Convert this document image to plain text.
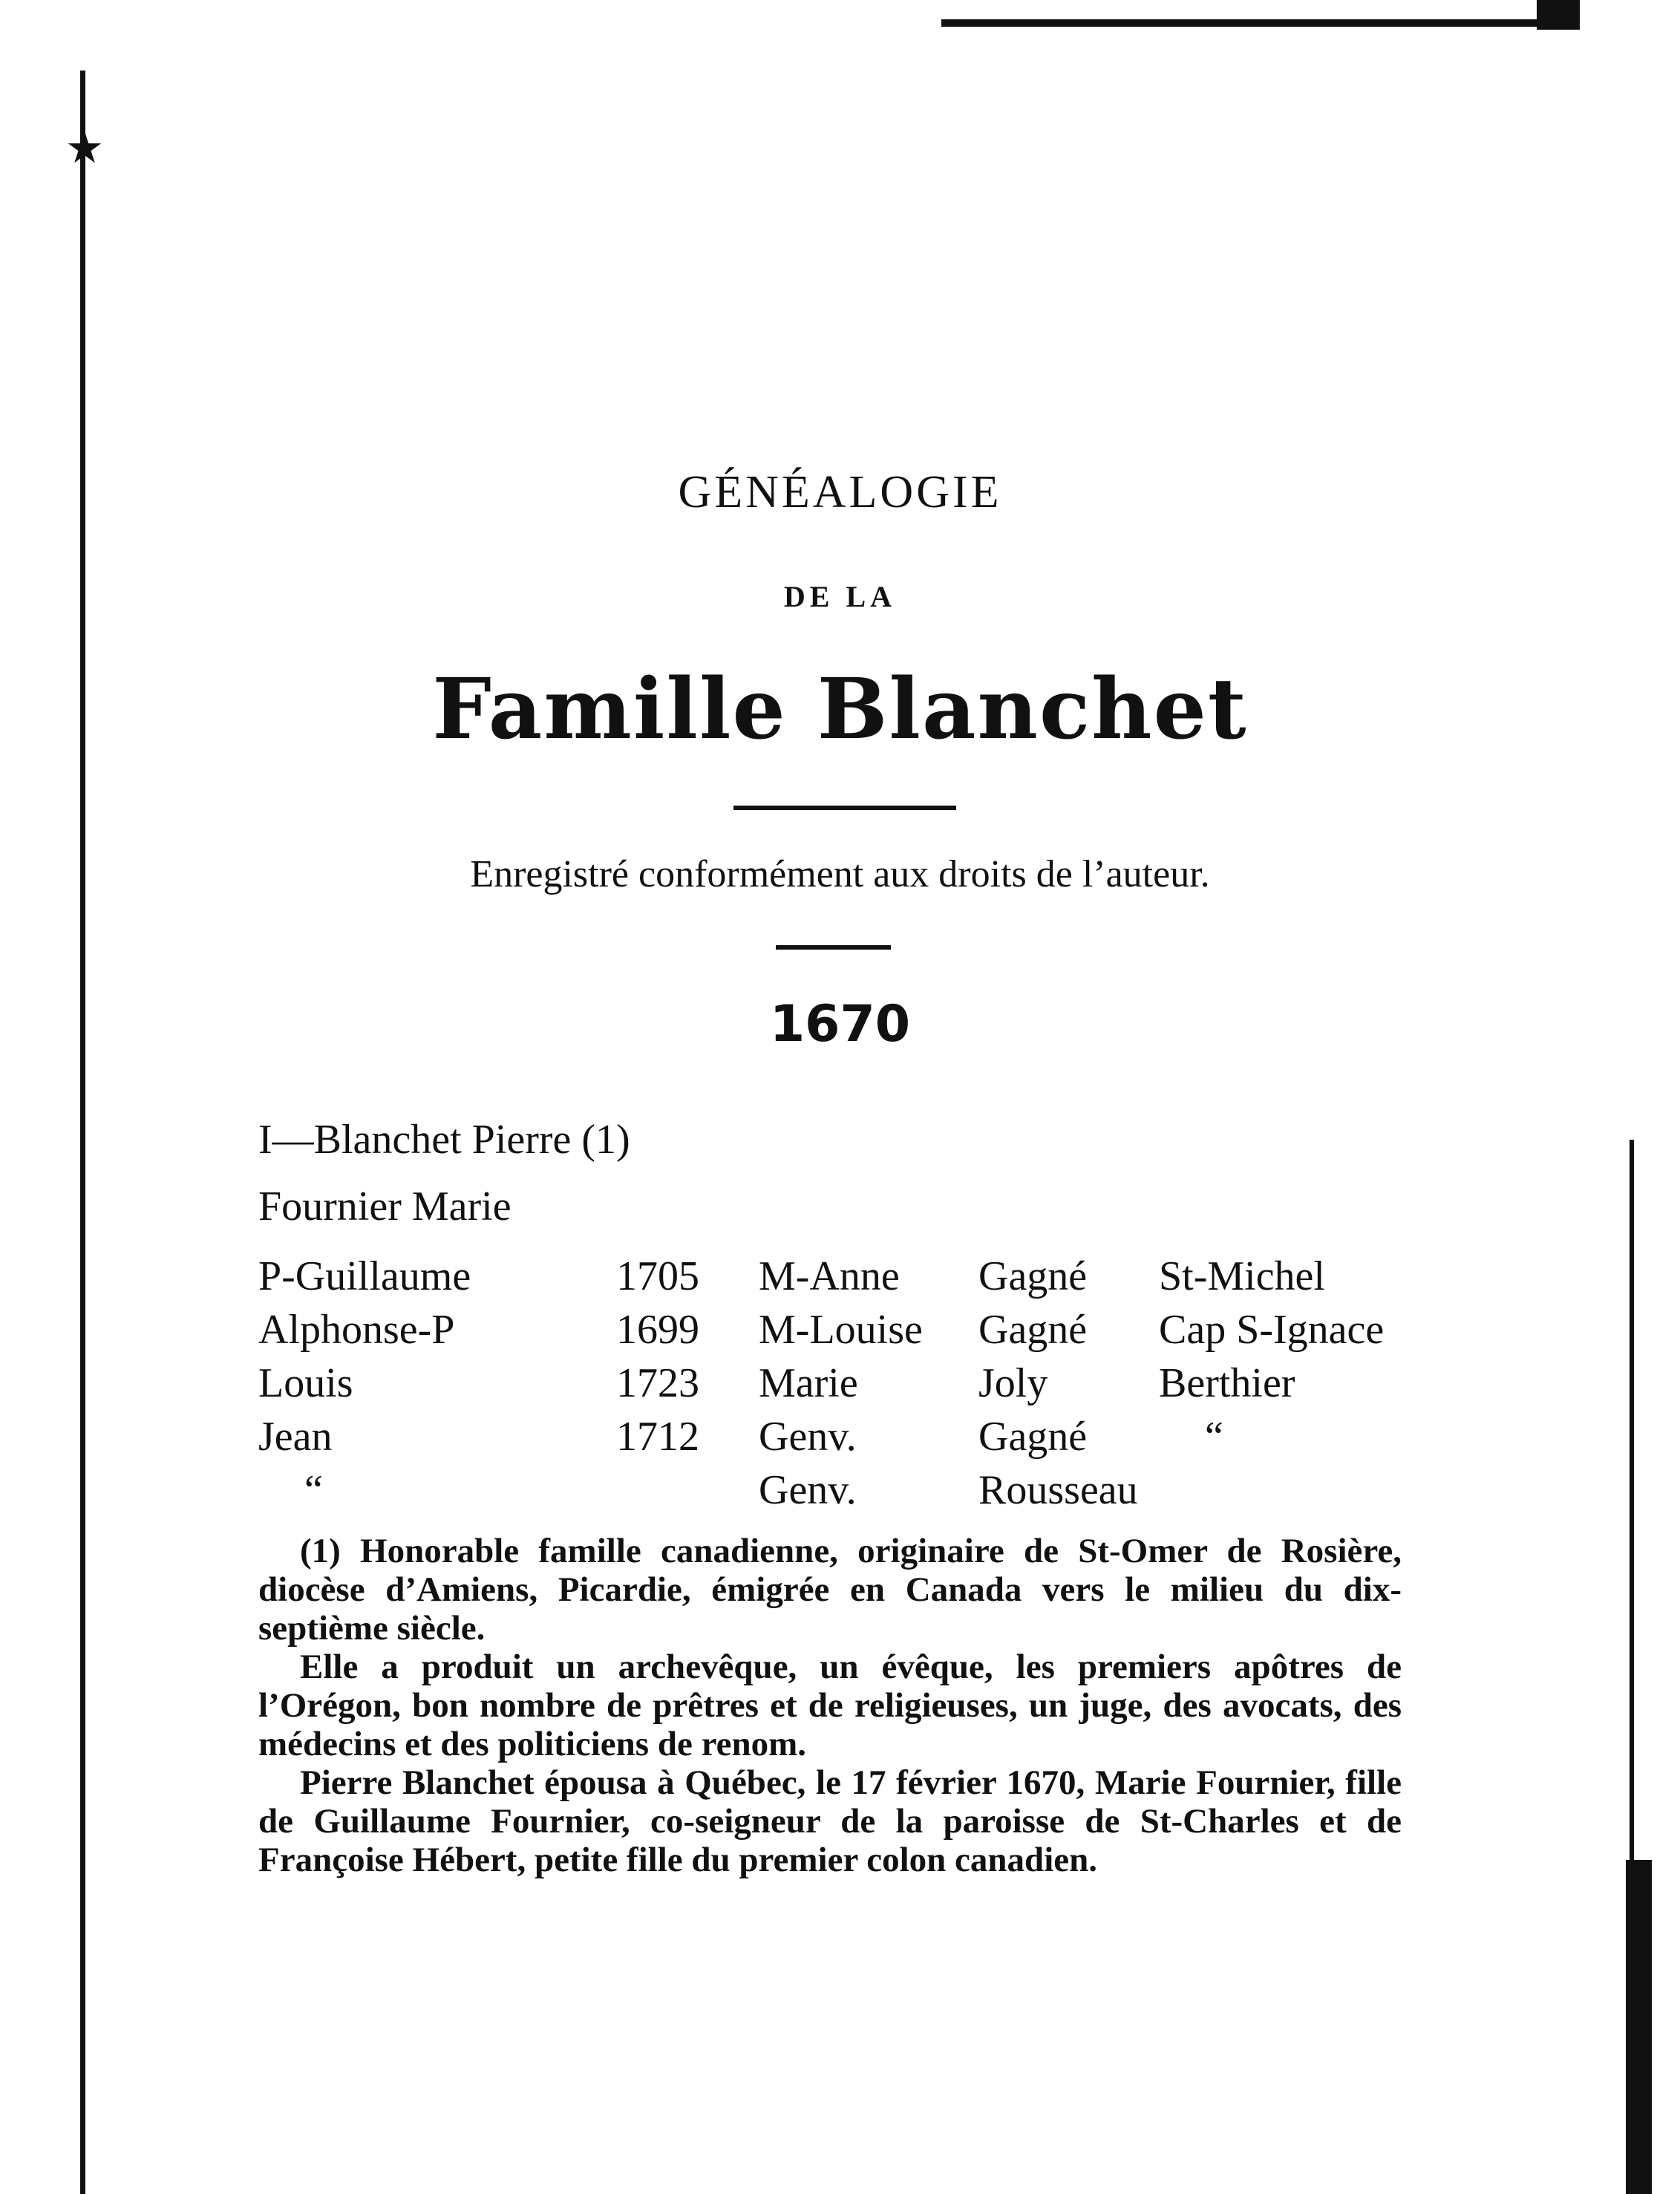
★
GÉNÉALOGIE
DE LA
Famille Blanchet
Enregistré conformément aux droits de l’auteur.
1670
I—Blanchet Pierre (1)
Fournier Marie
P-Guillaume	1705	M-Anne	Gagné	St-Michel
Alphonse-P	1699	M-Louise	Gagné	Cap S-Ignace
Louis	1723	Marie	Joly	Berthier
Jean	1712	Genv.	Gagné	“
“		Genv.	Rousseau	

(1) Honorable famille canadienne, originaire de St-Omer de Rosière, diocèse d’Amiens, Picardie, émigrée en Canada vers le milieu du dix-septième siècle.

Elle a produit un archevêque, un évêque, les premiers apôtres de l’Orégon, bon nombre de prêtres et de religieuses, un juge, des avocats, des médecins et des politiciens de renom.

Pierre Blanchet épousa à Québec, le 17 février 1670, Marie Fournier, fille de Guillaume Fournier, co-seigneur de la paroisse de St-Charles et de Françoise Hébert, petite fille du premier colon canadien.
